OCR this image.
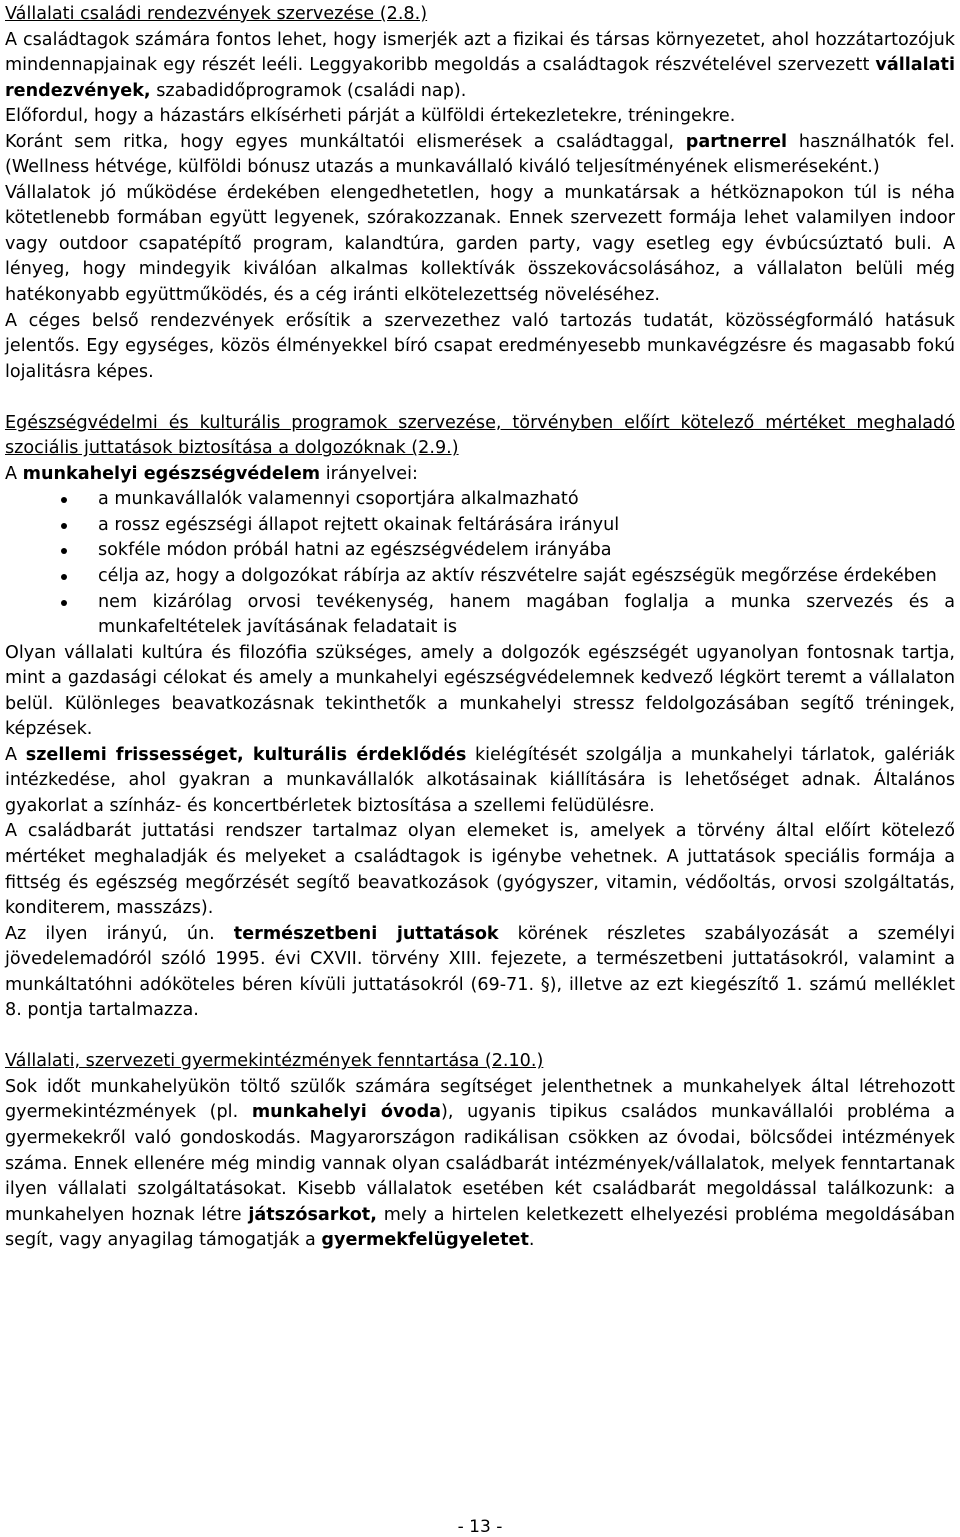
Vállalati családi rendezvények szervezése (2.8.)

A családtagok számára fontos lehet, hogy ismerjék azt a fizikai és társas környezetet, ahol hozzátartozójuk mindennapjainak egy részét leéli. Leggyakoribb megoldás a családtagok részvételével szervezett vállalati rendezvények, szabadidőprogramok (családi nap).

Előfordul, hogy a házastárs elkísérheti párját a külföldi értekezletekre, tréningekre.

Koránt sem ritka, hogy egyes munkáltatói elismerések a családtaggal, partnerrel használhatók fel. (Wellness hétvége, külföldi bónusz utazás a munkavállaló kiváló teljesítményének elismeréseként.)

Vállalatok jó működése érdekében elengedhetetlen, hogy a munkatársak a hétköznapokon túl is néha kötetlenebb formában együtt legyenek, szórakozzanak. Ennek szervezett formája lehet valamilyen indoor vagy outdoor csapatépítő program, kalandtúra, garden party, vagy esetleg egy évbúcsúztató buli. A lényeg, hogy mindegyik kiválóan alkalmas kollektívák összekovácsolásához, a vállalaton belüli még hatékonyabb együttműködés, és a cég iránti elkötelezettség növeléséhez.

A céges belső rendezvények erősítik a szervezethez való tartozás tudatát, közösségformáló hatásuk jelentős. Egy egységes, közös élményekkel bíró csapat eredményesebb munkavégzésre és magasabb fokú lojalitásra képes.

Egészségvédelmi és kulturális programok szervezése, törvényben előírt kötelező mértéket meghaladó szociális juttatások biztosítása a dolgozóknak (2.9.)

A munkahelyi egészségvédelem irányelvei:

a munkavállalók valamennyi csoportjára alkalmazható
a rossz egészségi állapot rejtett okainak feltárására irányul
sokféle módon próbál hatni az egészségvédelem irányába
célja az, hogy a dolgozókat rábírja az aktív részvételre saját egészségük megőrzése érdekében
nem kizárólag orvosi tevékenység, hanem magában foglalja a munka szervezés és a munkafeltételek javításának feladatait is

Olyan vállalati kultúra és filozófia szükséges, amely a dolgozók egészségét ugyanolyan fontosnak tartja, mint a gazdasági célokat és amely a munkahelyi egészségvédelemnek kedvező légkört teremt a vállalaton belül. Különleges beavatkozásnak tekinthetők a munkahelyi stressz feldolgozásában segítő tréningek, képzések.

A szellemi frissességet, kulturális érdeklődés kielégítését szolgálja a munkahelyi tárlatok, galériák intézkedése, ahol gyakran a munkavállalók alkotásainak kiállítására is lehetőséget adnak. Általános gyakorlat a színház- és koncertbérletek biztosítása a szellemi felüdülésre.

A családbarát juttatási rendszer tartalmaz olyan elemeket is, amelyek a törvény által előírt kötelező mértéket meghaladják és melyeket a családtagok is igénybe vehetnek. A juttatások speciális formája a fittség és egészség megőrzését segítő beavatkozások (gyógyszer, vitamin, védőoltás, orvosi szolgáltatás, konditerem, masszázs).

Az ilyen irányú, ún. természetbeni juttatások körének részletes szabályozását a személyi jövedelemadóról szóló 1995. évi CXVII. törvény XIII. fejezete, a természetbeni juttatásokról, valamint a munkáltatóhni adóköteles béren kívüli juttatásokról (69-71. §), illetve az ezt kiegészítő 1. számú melléklet 8. pontja tartalmazza.

Vállalati, szervezeti gyermekintézmények fenntartása (2.10.)

Sok időt munkahelyükön töltő szülők számára segítséget jelenthetnek a munkahelyek által létrehozott gyermekintézmények (pl. munkahelyi óvoda), ugyanis tipikus családos munkavállalói probléma a gyermekekről való gondoskodás. Magyarországon radikálisan csökken az óvodai, bölcsődei intézmények száma. Ennek ellenére még mindig vannak olyan családbarát intézmények/vállalatok, melyek fenntartanak ilyen vállalati szolgáltatásokat. Kisebb vállalatok esetében két családbarát megoldással találkozunk: a munkahelyen hoznak létre játszósarkot, mely a hirtelen keletkezett elhelyezési probléma megoldásában segít, vagy anyagilag támogatják a gyermekfelügyeletet.

- 13 -
